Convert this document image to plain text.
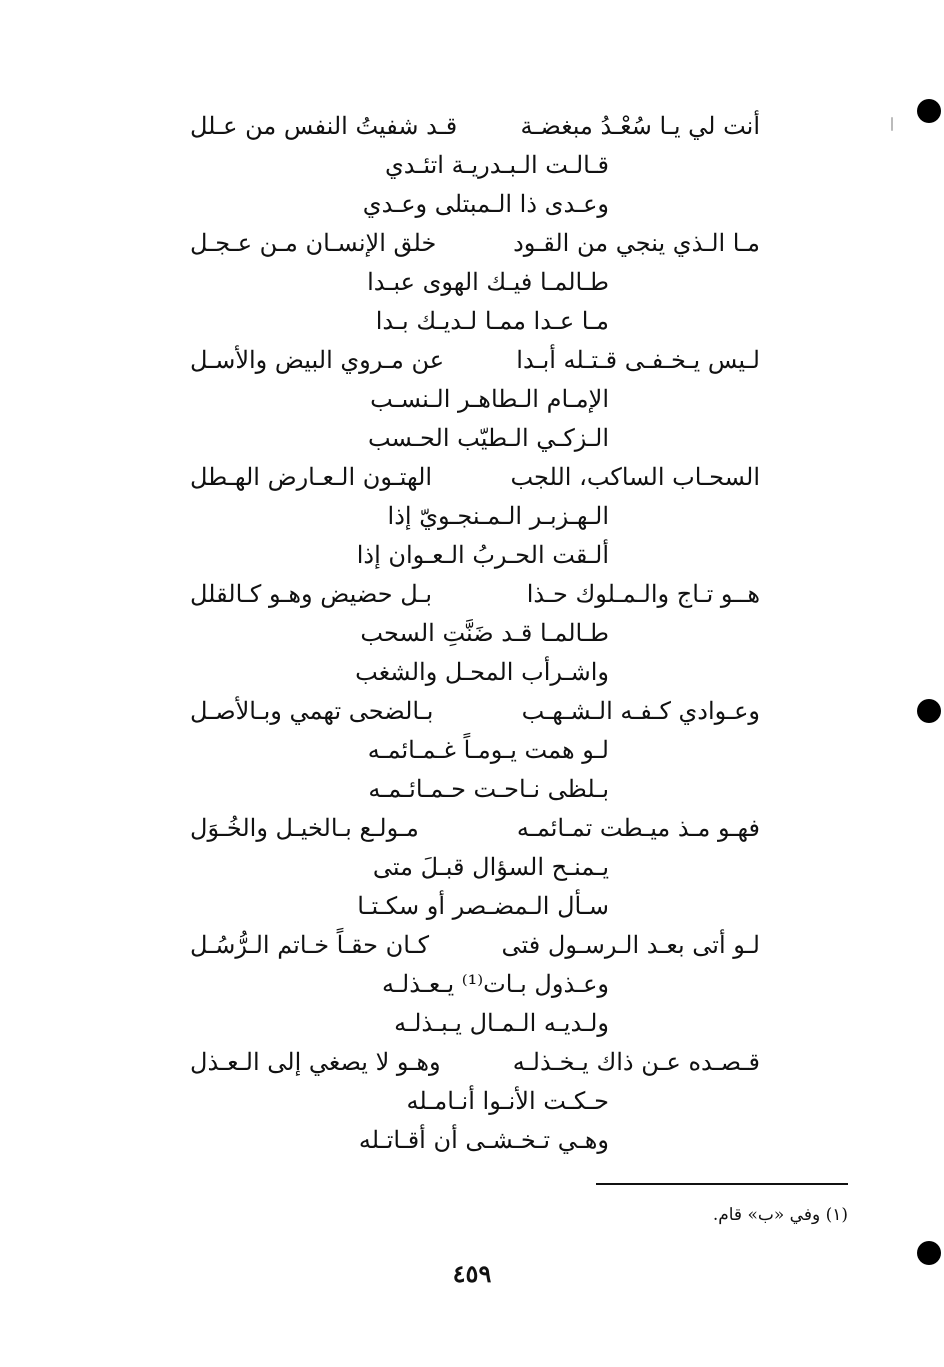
أنت لي يـا سُعْـدُ مبغضـة
قـد شفيتُ النفس من عـلل
قـالـت الـبـدريـة اتئـدي
وعـدى ذا الـمبتلى وعـدي
مـا الـذي ينجي من القـود
خلق الإنسـان مـن عـجـل
طـالمـا فيـك الهوى عبـدا
مـا عـدا ممـا لـديـك بـدا
لـيس يـخـفـى قـتـله أبـدا
عن مـروي البيض والأسـل
الإمـام الـطاهـر الـنسـب
الـزكـي الـطيّب الحـسب
السحـاب الساكب، اللجب
الهتـون الـعـارض الهـطل
الـهـزبـر الـمـنجـويّ إذا
ألـقت الحـربُ الـعـوان إذا
هــو تـاج والـمـلوك حـذا
بـل حضيض وهـو كـالقلل
طـالمـا قـد ضَنَّتِ السحب
واشـرأب المحـل والشغب
وعـوادي كـفـه الـشـهـب
بـالضحى تهمي وبـالأصـل
لـو همت يـومـاً غـمـائمـه
بـلظى نـاحـت حـمـائـمـه
فهـو مـذ ميـطت تمـائمـه
مـولـع بـالخيـل والخُـوَل
يـمنـح السؤال قبـلَ متى
سـأل الـمضـصر أو سكـتـا
لـو أتى بعـد الـرسـول فتى
كـان حقـاً خـاتم الـرُّسُـل
وعـذول بـات⁽¹⁾ يـعـذلـه
ولـديـه الـمـال يـبـذلـه
قـصـده عـن ذاك يـخـذلـه
وهـو لا يصغي إلى الـعـذل
حـكـت الأنـوا أنـامـله
وهـي تـخـشـى أن أقـاتـله
(١) وفي «ب» قام.
٤٥٩
